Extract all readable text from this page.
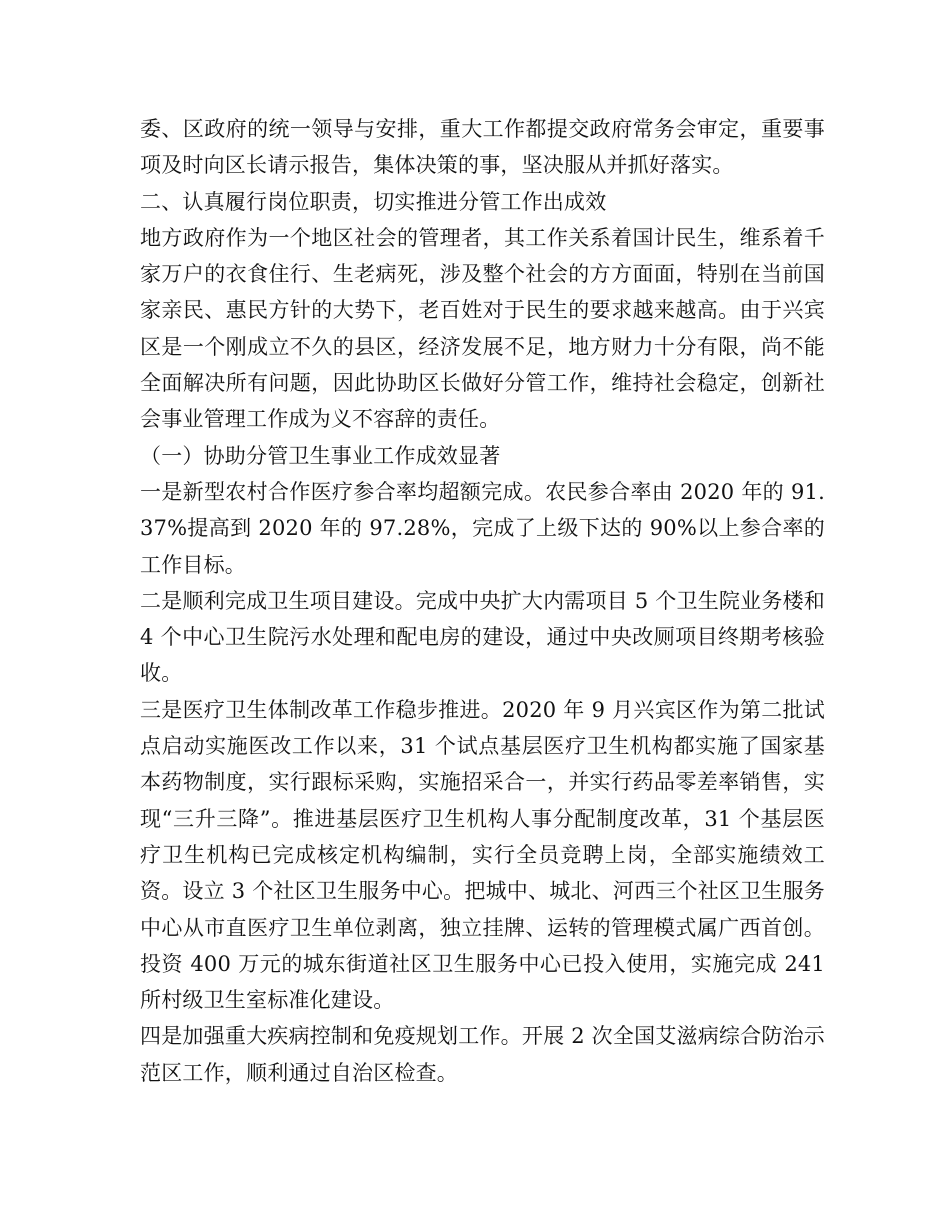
委、区政府的统一领导与安排，重大工作都提交政府常务会审定，重要事项及时向区长请示报告，集体决策的事，坚决服从并抓好落实。

二、认真履行岗位职责，切实推进分管工作出成效

地方政府作为一个地区社会的管理者，其工作关系着国计民生，维系着千家万户的衣食住行、生老病死，涉及整个社会的方方面面，特别在当前国家亲民、惠民方针的大势下，老百姓对于民生的要求越来越高。由于兴宾区是一个刚成立不久的县区，经济发展不足，地方财力十分有限，尚不能全面解决所有问题，因此协助区长做好分管工作，维持社会稳定，创新社会事业管理工作成为义不容辞的责任。

（一）协助分管卫生事业工作成效显著

一是新型农村合作医疗参合率均超额完成。农民参合率由 2020 年的 91.37%提高到 2020 年的 97.28%，完成了上级下达的 90%以上参合率的工作目标。

二是顺利完成卫生项目建设。完成中央扩大内需项目 5 个卫生院业务楼和 4 个中心卫生院污水处理和配电房的建设，通过中央改厕项目终期考核验收。

三是医疗卫生体制改革工作稳步推进。2020 年 9 月兴宾区作为第二批试点启动实施医改工作以来，31 个试点基层医疗卫生机构都实施了国家基本药物制度，实行跟标采购，实施招采合一，并实行药品零差率销售，实现“三升三降”。推进基层医疗卫生机构人事分配制度改革，31 个基层医疗卫生机构已完成核定机构编制，实行全员竞聘上岗，全部实施绩效工资。设立 3 个社区卫生服务中心。把城中、城北、河西三个社区卫生服务中心从市直医疗卫生单位剥离，独立挂牌、运转的管理模式属广西首创。投资 400 万元的城东街道社区卫生服务中心已投入使用，实施完成 241 所村级卫生室标准化建设。

四是加强重大疾病控制和免疫规划工作。开展 2 次全国艾滋病综合防治示范区工作，顺利通过自治区检查。
